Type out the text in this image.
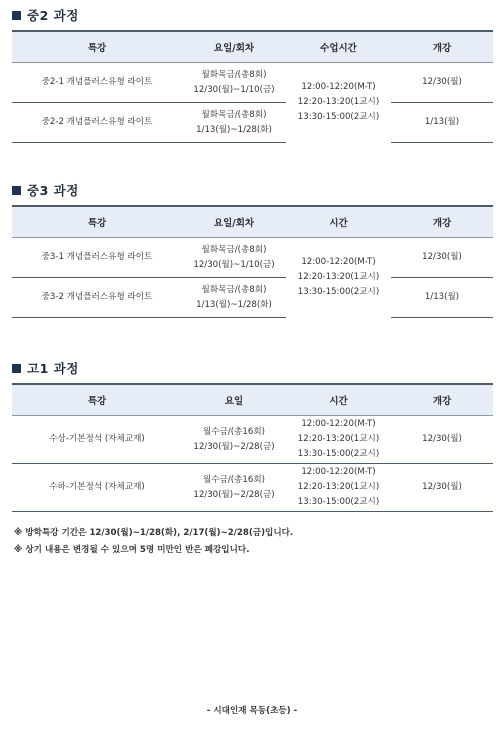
중2 과정
특강	요일/회차	수업시간	개강
중2-1 개념플러스유형 라이트	월화목금/(총8회)
12/30(월)~1/10(금)	12:00-12:20(M-T)
12:20-13:20(1교시)
13:30-15:00(2교시)	12/30(월)
중2-2 개념플러스유형 라이트	월화목금/(총8회)
1/13(월)~1/28(화)		1/13(월)
중3 과정
특강	요일/회차	시간	개강
중3-1 개념플러스유형 라이트	월화목금/(총8회)
12/30(월)~1/10(금)	12:00-12:20(M-T)
12:20-13:20(1교시)
13:30-15:00(2교시)	12/30(월)
중3-2 개념플러스유형 라이트	월화목금/(총8회)
1/13(월)~1/28(화)		1/13(월)
고1 과정
특강	요일	시간	개강
수상-기본정석 (자체교재)	월수금/(총16회)
12/30(월)~2/28(금)	12:00-12:20(M-T)
12:20-13:20(1교시)
13:30-15:00(2교시)	12/30(월)
수하-기본정석 (자체교재)	월수금/(총16회)
12/30(월)~2/28(금)	12:00-12:20(M-T)
12:20-13:20(1교시)
13:30-15:00(2교시)	12/30(월)
※ 방학특강 기간은 12/30(월)~1/28(화), 2/17(월)~2/28(금)입니다.
※ 상기 내용은 변경될 수 있으며 5명 미만인 반은 폐강입니다.
- 시대인재 목동(초등) -
